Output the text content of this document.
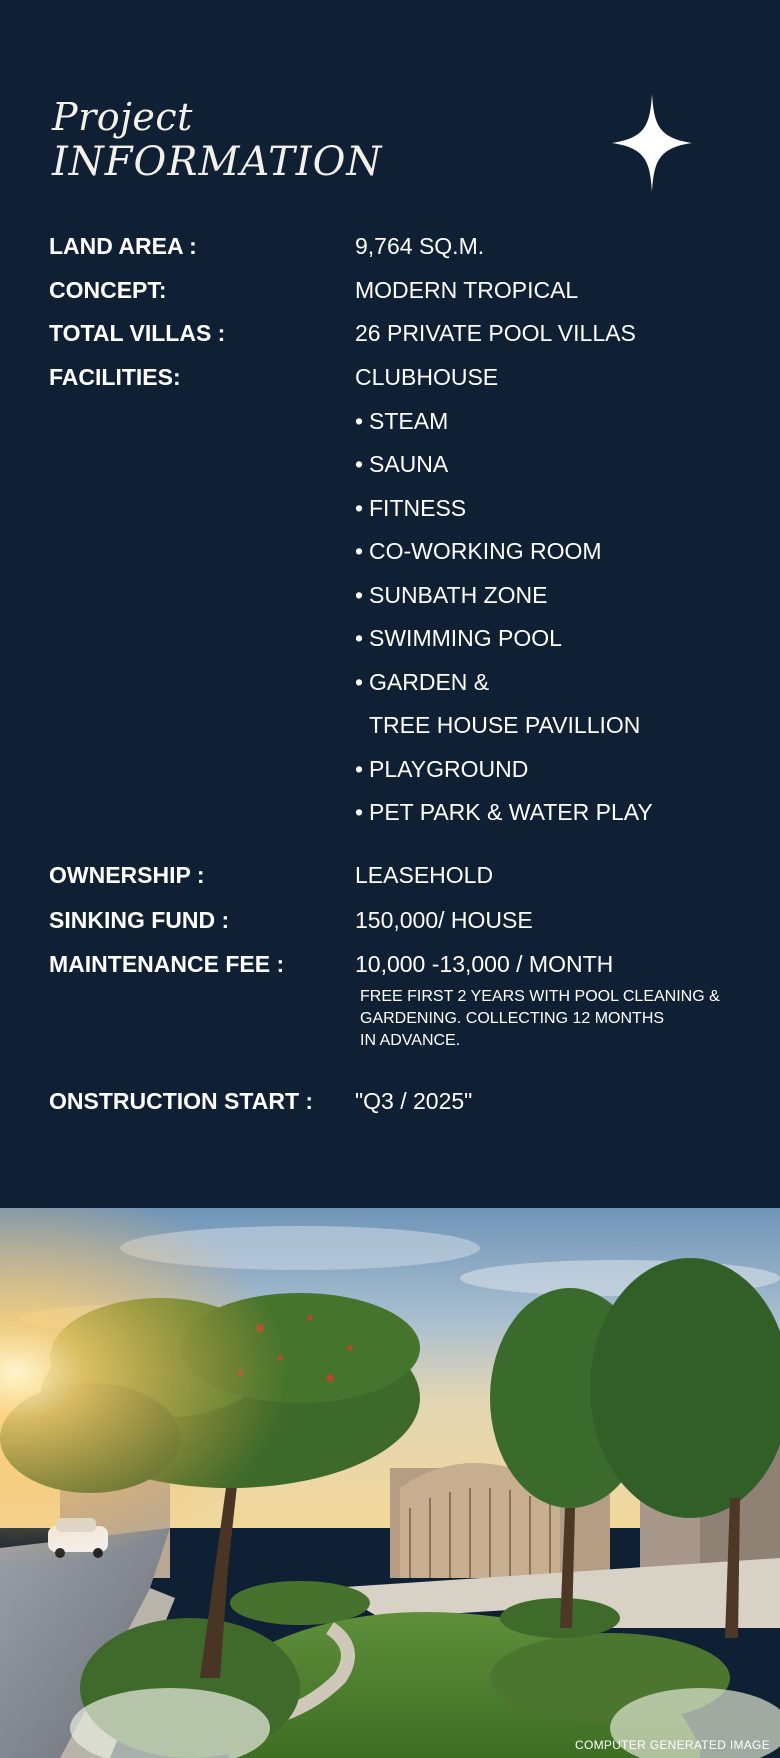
Project
INFORMATION
LAND AREA :	9,764 SQ.M.
CONCEPT:	MODERN TROPICAL
TOTAL VILLAS :	26 PRIVATE POOL VILLAS
FACILITIES:	CLUBHOUSE
• STEAM
• SAUNA
• FITNESS
• CO-WORKING ROOM
• SUNBATH ZONE
• SWIMMING POOL
• GARDEN &
TREE HOUSE PAVILLION
• PLAYGROUND
• PET PARK & WATER PLAY
OWNERSHIP :	LEASEHOLD
SINKING FUND :	150,000/ HOUSE
MAINTENANCE FEE :	10,000 -13,000 / MONTH
FREE FIRST 2 YEARS WITH POOL CLEANING &
GARDENING. COLLECTING 12 MONTHS
IN ADVANCE.
ONSTRUCTION START : "Q3 / 2025"
COMPUTER GENERATED IMAGE
